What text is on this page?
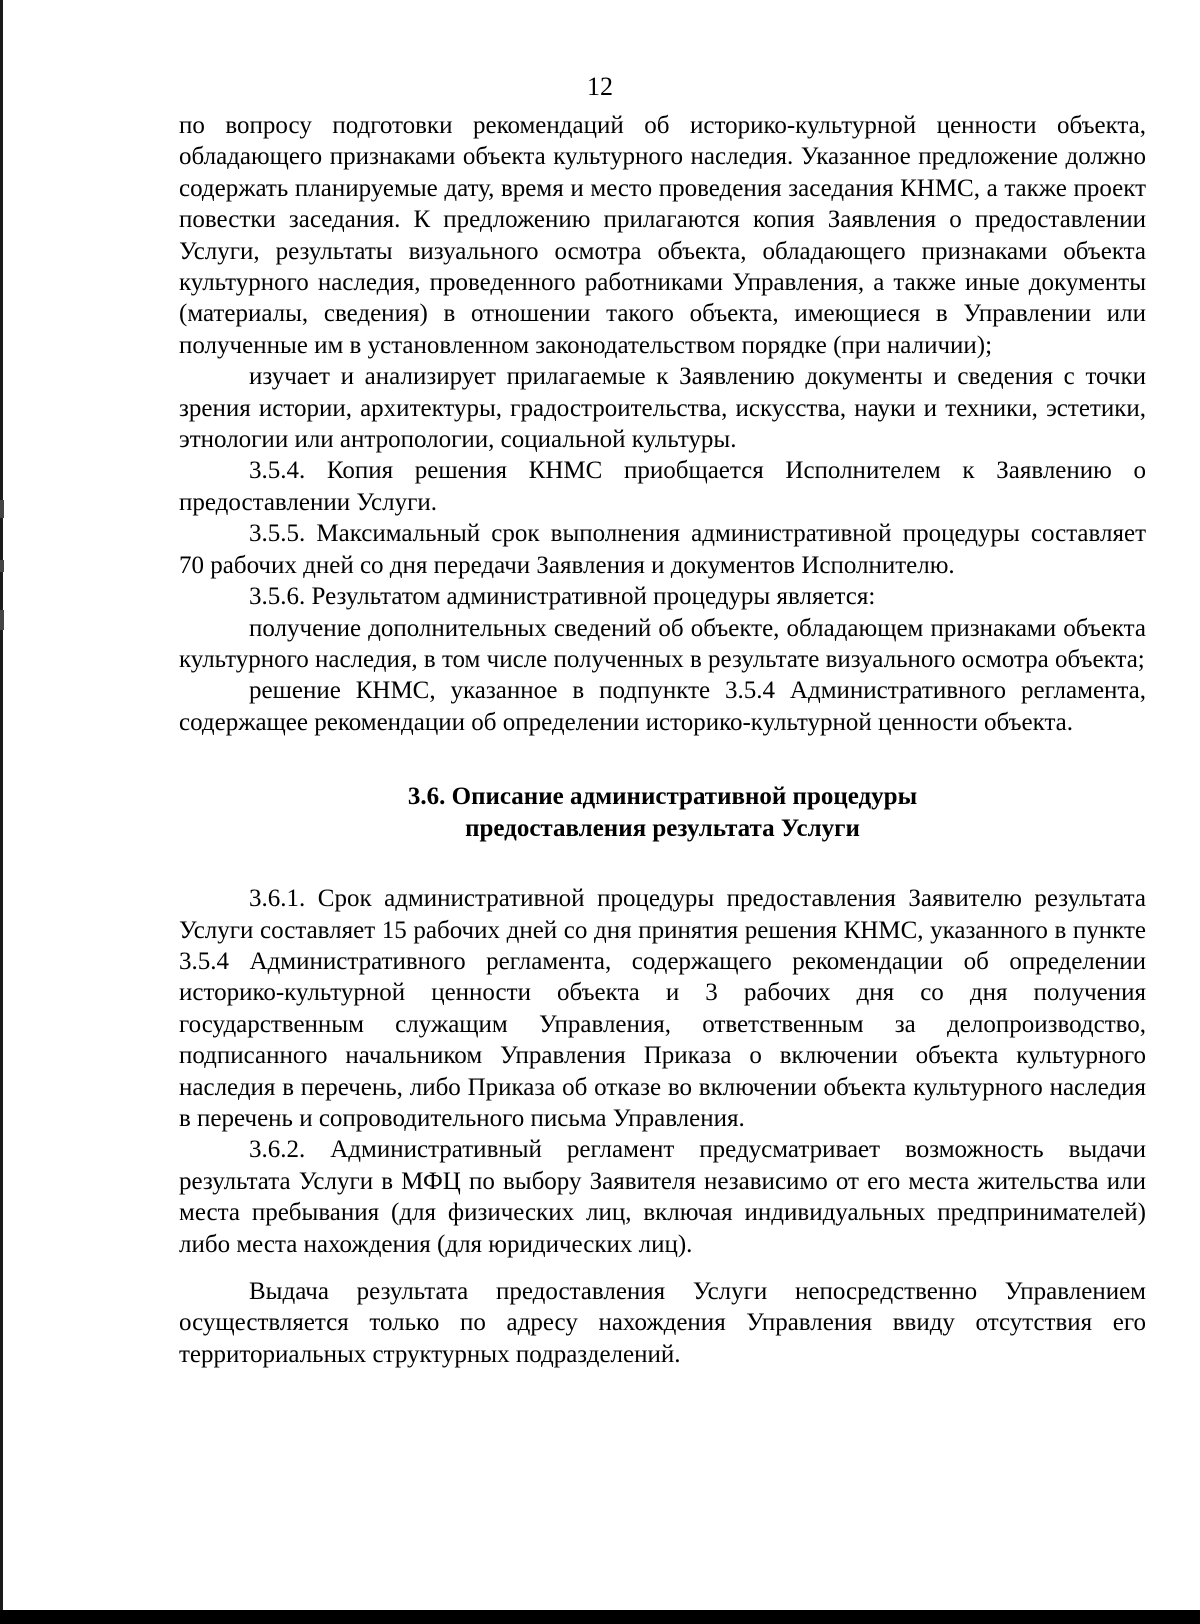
12

по вопросу подготовки рекомендаций об историко-культурной ценности объекта, обладающего признаками объекта культурного наследия. Указанное предложение должно содержать планируемые дату, время и место проведения заседания КНМС, а также проект повестки заседания. К предложению прилагаются копия Заявления о предоставлении Услуги, результаты визуального осмотра объекта, обладающего признаками объекта культурного наследия, проведенного работниками Управления, а также иные документы (материалы, сведения) в отношении такого объекта, имеющиеся в Управлении или полученные им в установленном законодательством порядке (при наличии);

изучает и анализирует прилагаемые к Заявлению документы и сведения с точки зрения истории, архитектуры, градостроительства, искусства, науки и техники, эстетики, этнологии или антропологии, социальной культуры.

3.5.4. Копия решения КНМС приобщается Исполнителем к Заявлению о предоставлении Услуги.

3.5.5. Максимальный срок выполнения административной процедуры составляет 70 рабочих дней со дня передачи Заявления и документов Исполнителю.

3.5.6. Результатом административной процедуры является:

получение дополнительных сведений об объекте, обладающем признаками объекта культурного наследия, в том числе полученных в результате визуального осмотра объекта;

решение КНМС, указанное в подпункте 3.5.4 Административного регламента, содержащее рекомендации об определении историко-культурной ценности объекта.

3.6. Описание административной процедуры
предоставления результата Услуги

3.6.1. Срок административной процедуры предоставления Заявителю результата Услуги составляет 15 рабочих дней со дня принятия решения КНМС, указанного в пункте 3.5.4 Административного регламента, содержащего рекомендации об определении историко-культурной ценности объекта и 3 рабочих дня со дня получения государственным служащим Управления, ответственным за делопроизводство, подписанного начальником Управления Приказа о включении объекта культурного наследия в перечень, либо Приказа об отказе во включении объекта культурного наследия в перечень и сопроводительного письма Управления.

3.6.2. Административный регламент предусматривает возможность выдачи результата Услуги в МФЦ по выбору Заявителя независимо от его места жительства или места пребывания (для физических лиц, включая индивидуальных предпринимателей) либо места нахождения (для юридических лиц).

Выдача результата предоставления Услуги непосредственно Управлением осуществляется только по адресу нахождения Управления ввиду отсутствия его территориальных структурных подразделений.
